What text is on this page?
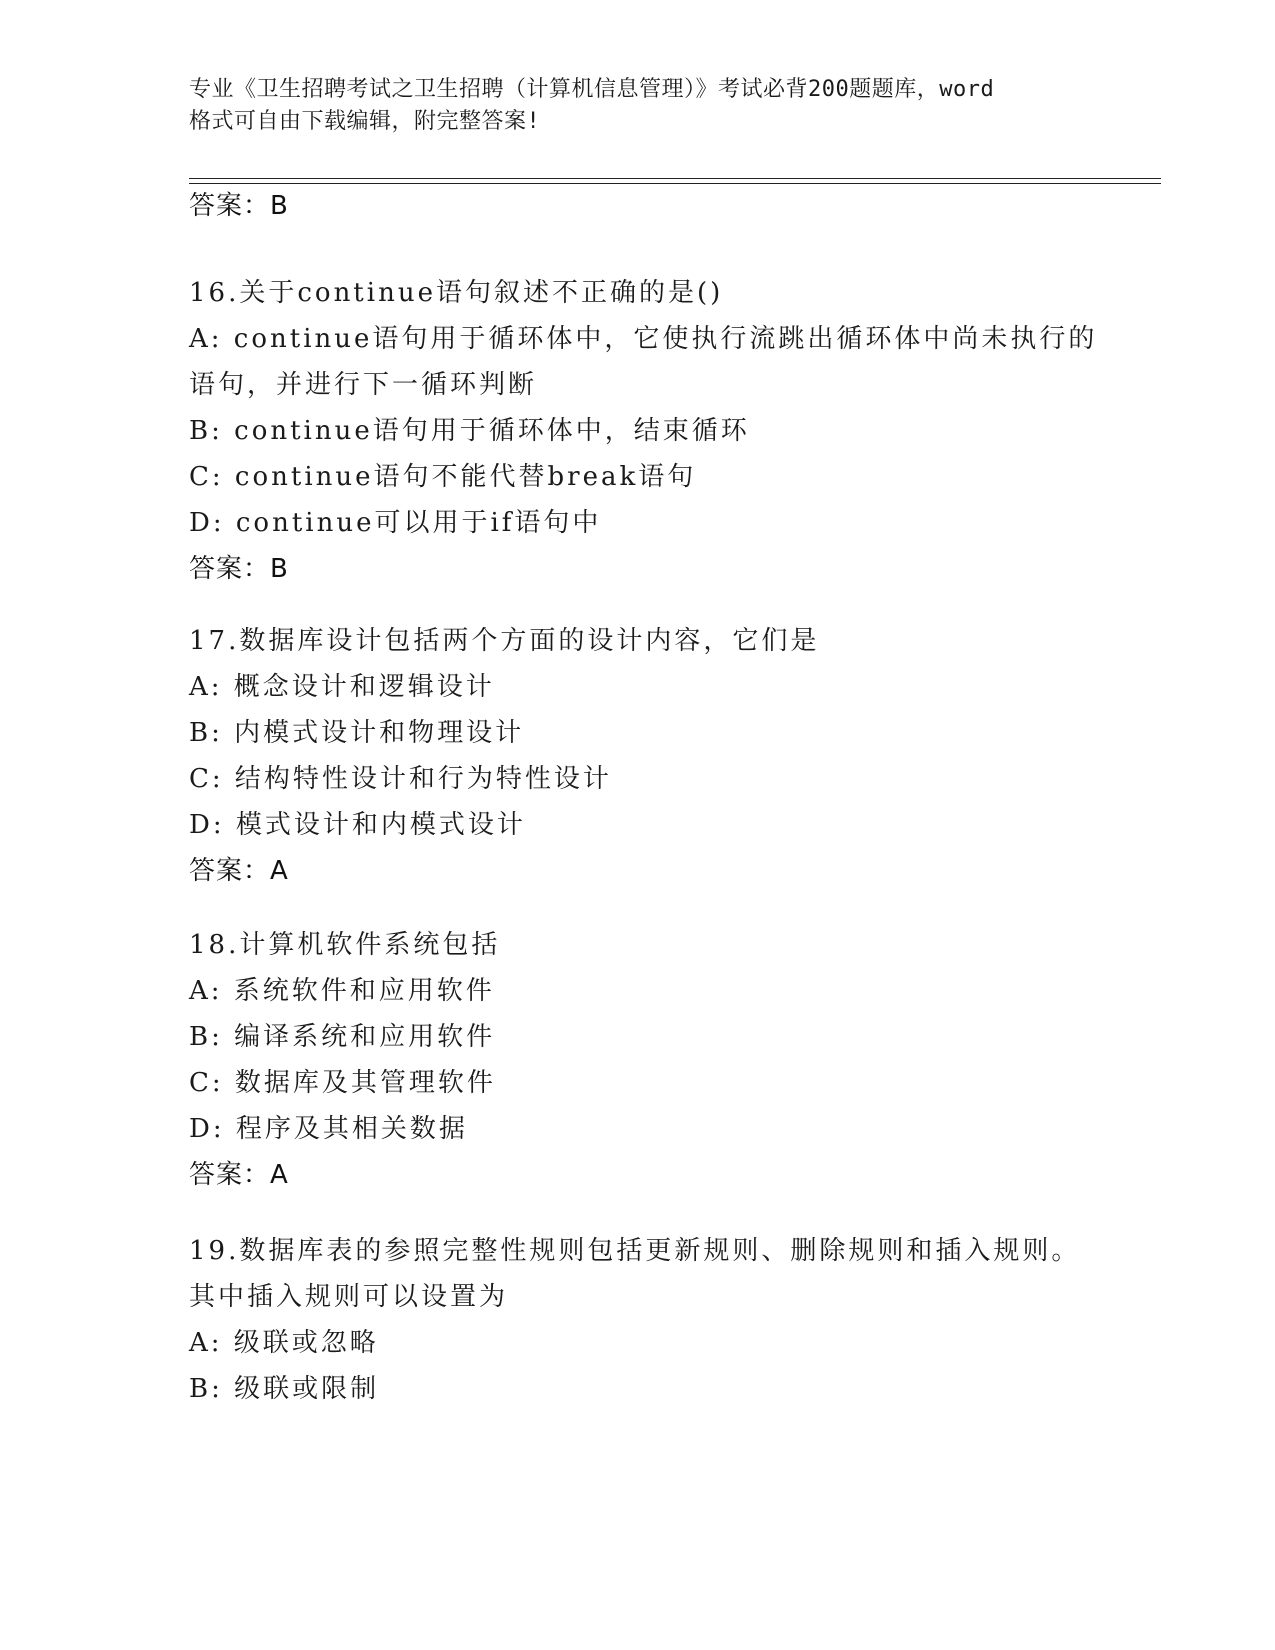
专业《卫生招聘考试之卫生招聘（计算机信息管理）》考试必背200题题库，word
格式可自由下载编辑，附完整答案!
答案：B
16.关于continue语句叙述不正确的是()
A: continue语句用于循环体中，它使执行流跳出循环体中尚未执行的
语句，并进行下一循环判断
B: continue语句用于循环体中，结束循环
C: continue语句不能代替break语句
D: continue可以用于if语句中
答案：B
17.数据库设计包括两个方面的设计内容，它们是
A: 概念设计和逻辑设计
B: 内模式设计和物理设计
C: 结构特性设计和行为特性设计
D: 模式设计和内模式设计
答案：A
18.计算机软件系统包括
A: 系统软件和应用软件
B: 编译系统和应用软件
C: 数据库及其管理软件
D: 程序及其相关数据
答案：A
19.数据库表的参照完整性规则包括更新规则、删除规则和插入规则。
其中插入规则可以设置为
A: 级联或忽略
B: 级联或限制
